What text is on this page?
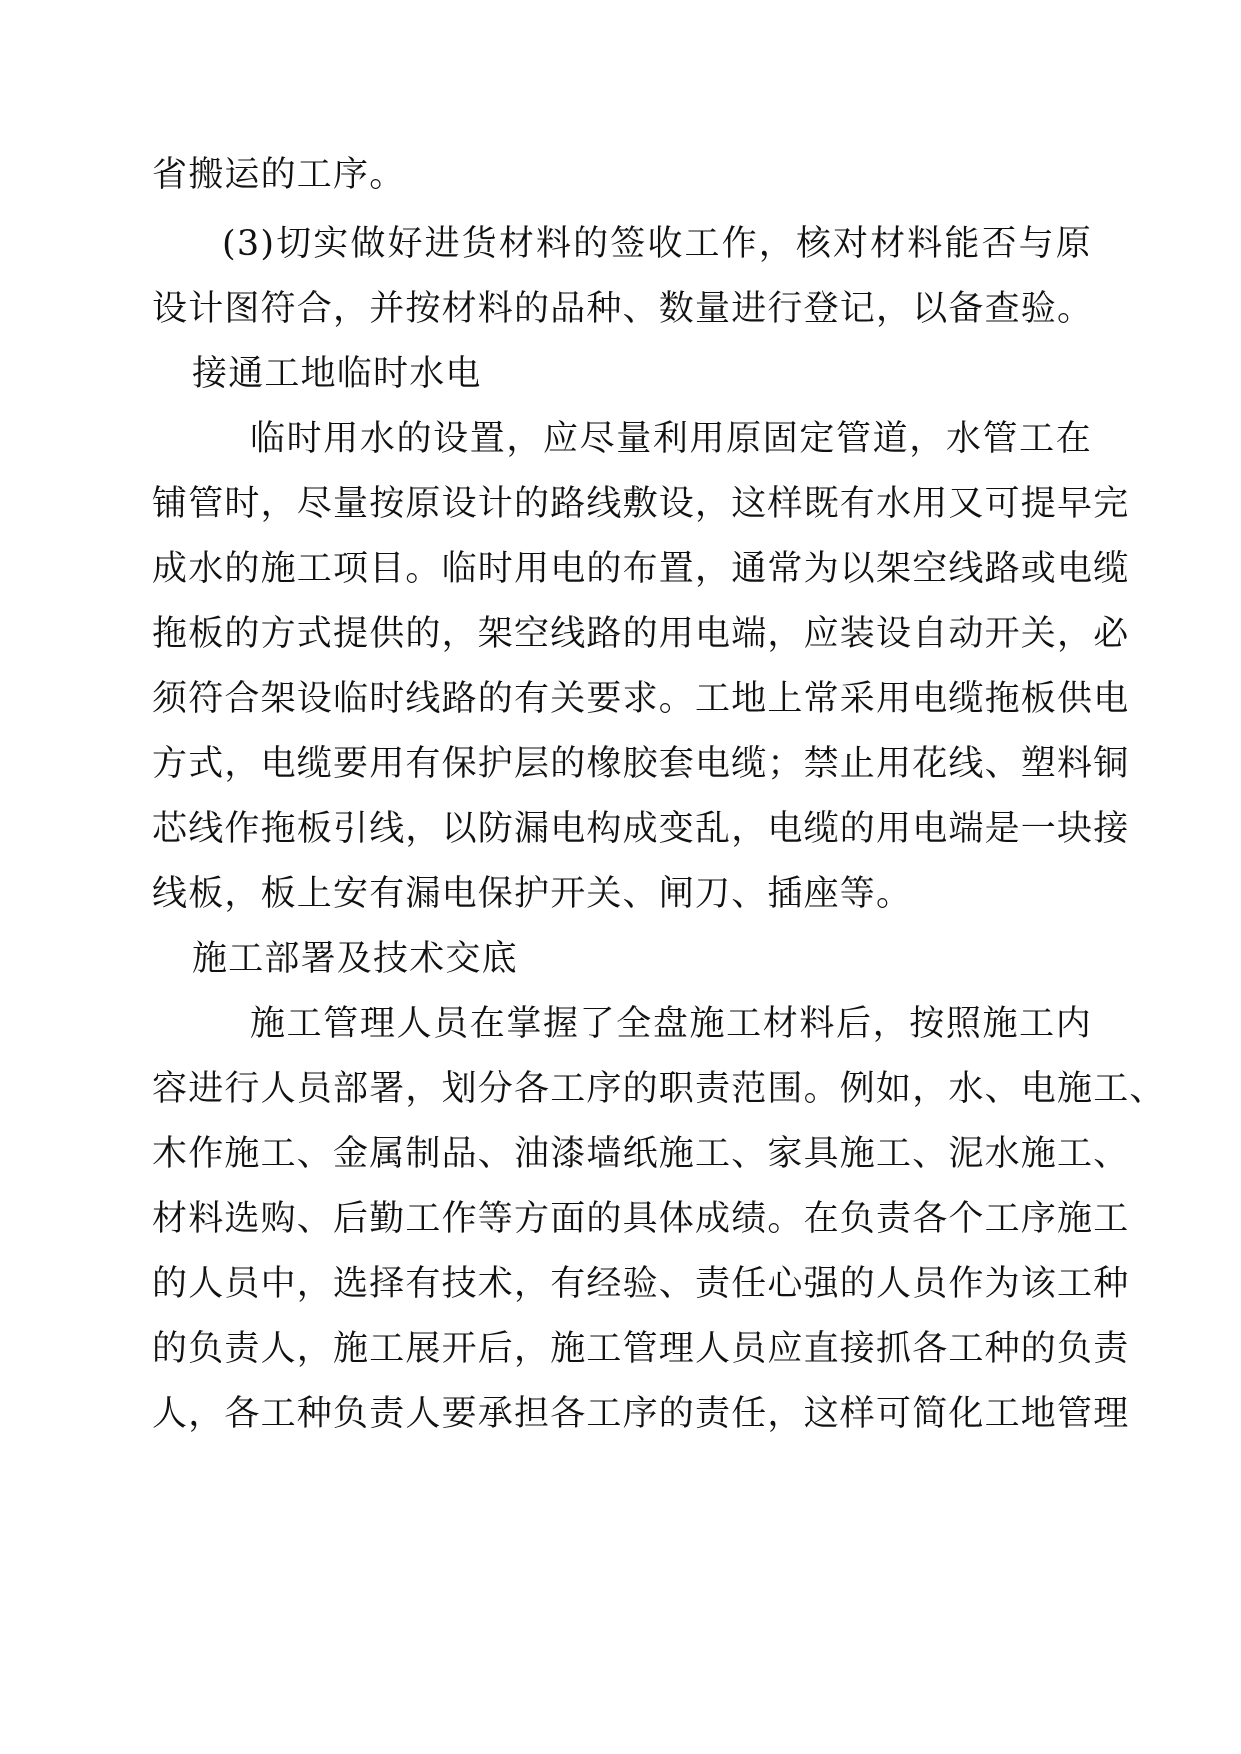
省搬运的工序。
(3)切实做好进货材料的签收工作，核对材料能否与原
设计图符合，并按材料的品种、数量进行登记，以备查验。
接通工地临时水电
临时用水的设置，应尽量利用原固定管道，水管工在
铺管时，尽量按原设计的路线敷设，这样既有水用又可提早完
成水的施工项目。临时用电的布置，通常为以架空线路或电缆
拖板的方式提供的，架空线路的用电端，应装设自动开关，必
须符合架设临时线路的有关要求。工地上常采用电缆拖板供电
方式，电缆要用有保护层的橡胶套电缆；禁止用花线、塑料铜
芯线作拖板引线，以防漏电构成变乱，电缆的用电端是一块接
线板，板上安有漏电保护开关、闸刀、插座等。
施工部署及技术交底
施工管理人员在掌握了全盘施工材料后，按照施工内
容进行人员部署，划分各工序的职责范围。例如，水、电施工、
木作施工、金属制品、油漆墙纸施工、家具施工、泥水施工、
材料选购、后勤工作等方面的具体成绩。在负责各个工序施工
的人员中，选择有技术，有经验、责任心强的人员作为该工种
的负责人，施工展开后，施工管理人员应直接抓各工种的负责
人，各工种负责人要承担各工序的责任，这样可简化工地管理
